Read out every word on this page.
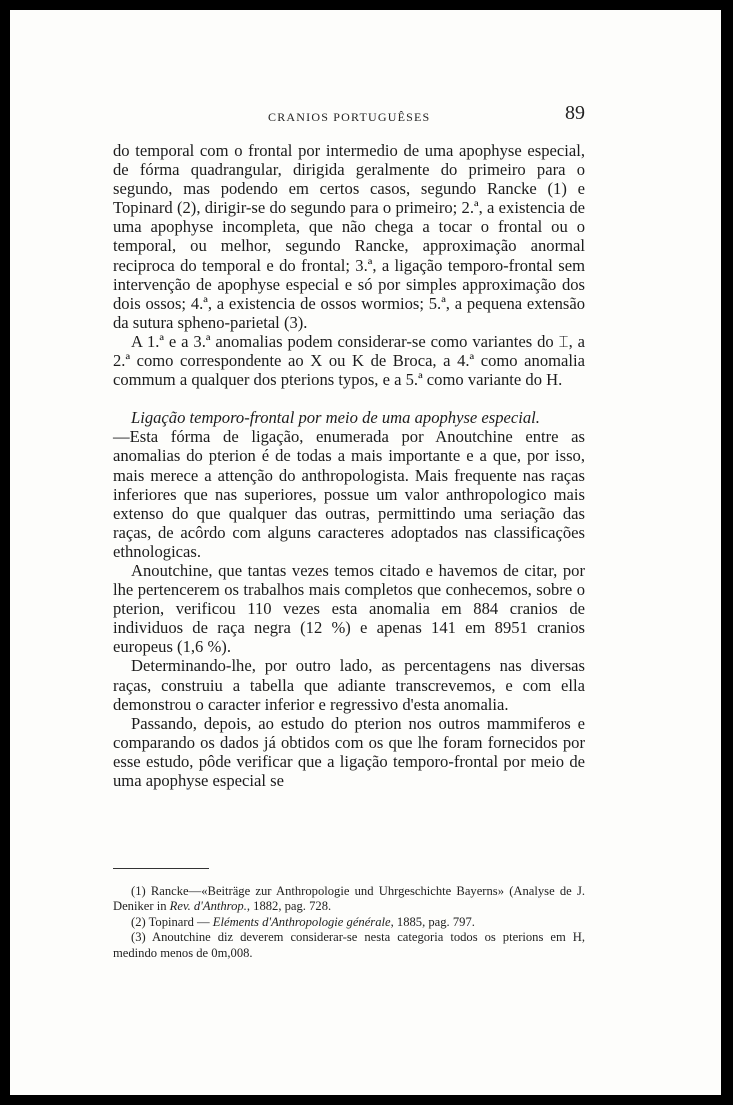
CRANIOS PORTUGUÊSES	89

do temporal com o frontal por intermedio de uma apophyse especial, de fórma quadrangular, dirigida geralmente do primeiro para o segundo, mas podendo em certos casos, segundo Rancke (1) e Topinard (2), dirigir-se do segundo para o primeiro; 2.ª, a existencia de uma apophyse incompleta, que não chega a tocar o frontal ou o temporal, ou melhor, segundo Rancke, approximação anormal reciproca do temporal e do frontal; 3.ª, a ligação temporo-frontal sem intervenção de apophyse especial e só por simples approximação dos dois ossos; 4.ª, a existencia de ossos wormios; 5.ª, a pequena extensão da sutura spheno-parietal (3).

A 1.ª e a 3.ª anomalias podem considerar-se como variantes do ⌶, a 2.ª como correspondente ao X ou K de Broca, a 4.ª como anomalia commum a qualquer dos pterions typos, e a 5.ª como variante do H.

Ligação temporo-frontal por meio de uma apophyse especial.
—Esta fórma de ligação, enumerada por Anoutchine entre as anomalias do pterion é de todas a mais importante e a que, por isso, mais merece a attenção do anthropologista. Mais frequente nas raças inferiores que nas superiores, possue um valor anthropologico mais extenso do que qualquer das outras, permittindo uma seriação das raças, de acôrdo com alguns caracteres adoptados nas classificações ethnologicas.

Anoutchine, que tantas vezes temos citado e havemos de citar, por lhe pertencerem os trabalhos mais completos que conhecemos, sobre o pterion, verificou 110 vezes esta anomalia em 884 cranios de individuos de raça negra (12 %) e apenas 141 em 8951 cranios europeus (1,6 %).

Determinando-lhe, por outro lado, as percentagens nas diversas raças, construiu a tabella que adiante transcrevemos, e com ella demonstrou o caracter inferior e regressivo d'esta anomalia.

Passando, depois, ao estudo do pterion nos outros mammiferos e comparando os dados já obtidos com os que lhe foram fornecidos por esse estudo, pôde verificar que a ligação temporo-frontal por meio de uma apophyse especial se

(1) Rancke—«Beiträge zur Anthropologie und Uhrgeschichte Bayerns» (Analyse de J. Deniker in Rev. d'Anthrop., 1882, pag. 728.

(2) Topinard — Eléments d'Anthropologie générale, 1885, pag. 797.

(3) Anoutchine diz deverem considerar-se nesta categoria todos os pterions em H, medindo menos de 0m,008.
